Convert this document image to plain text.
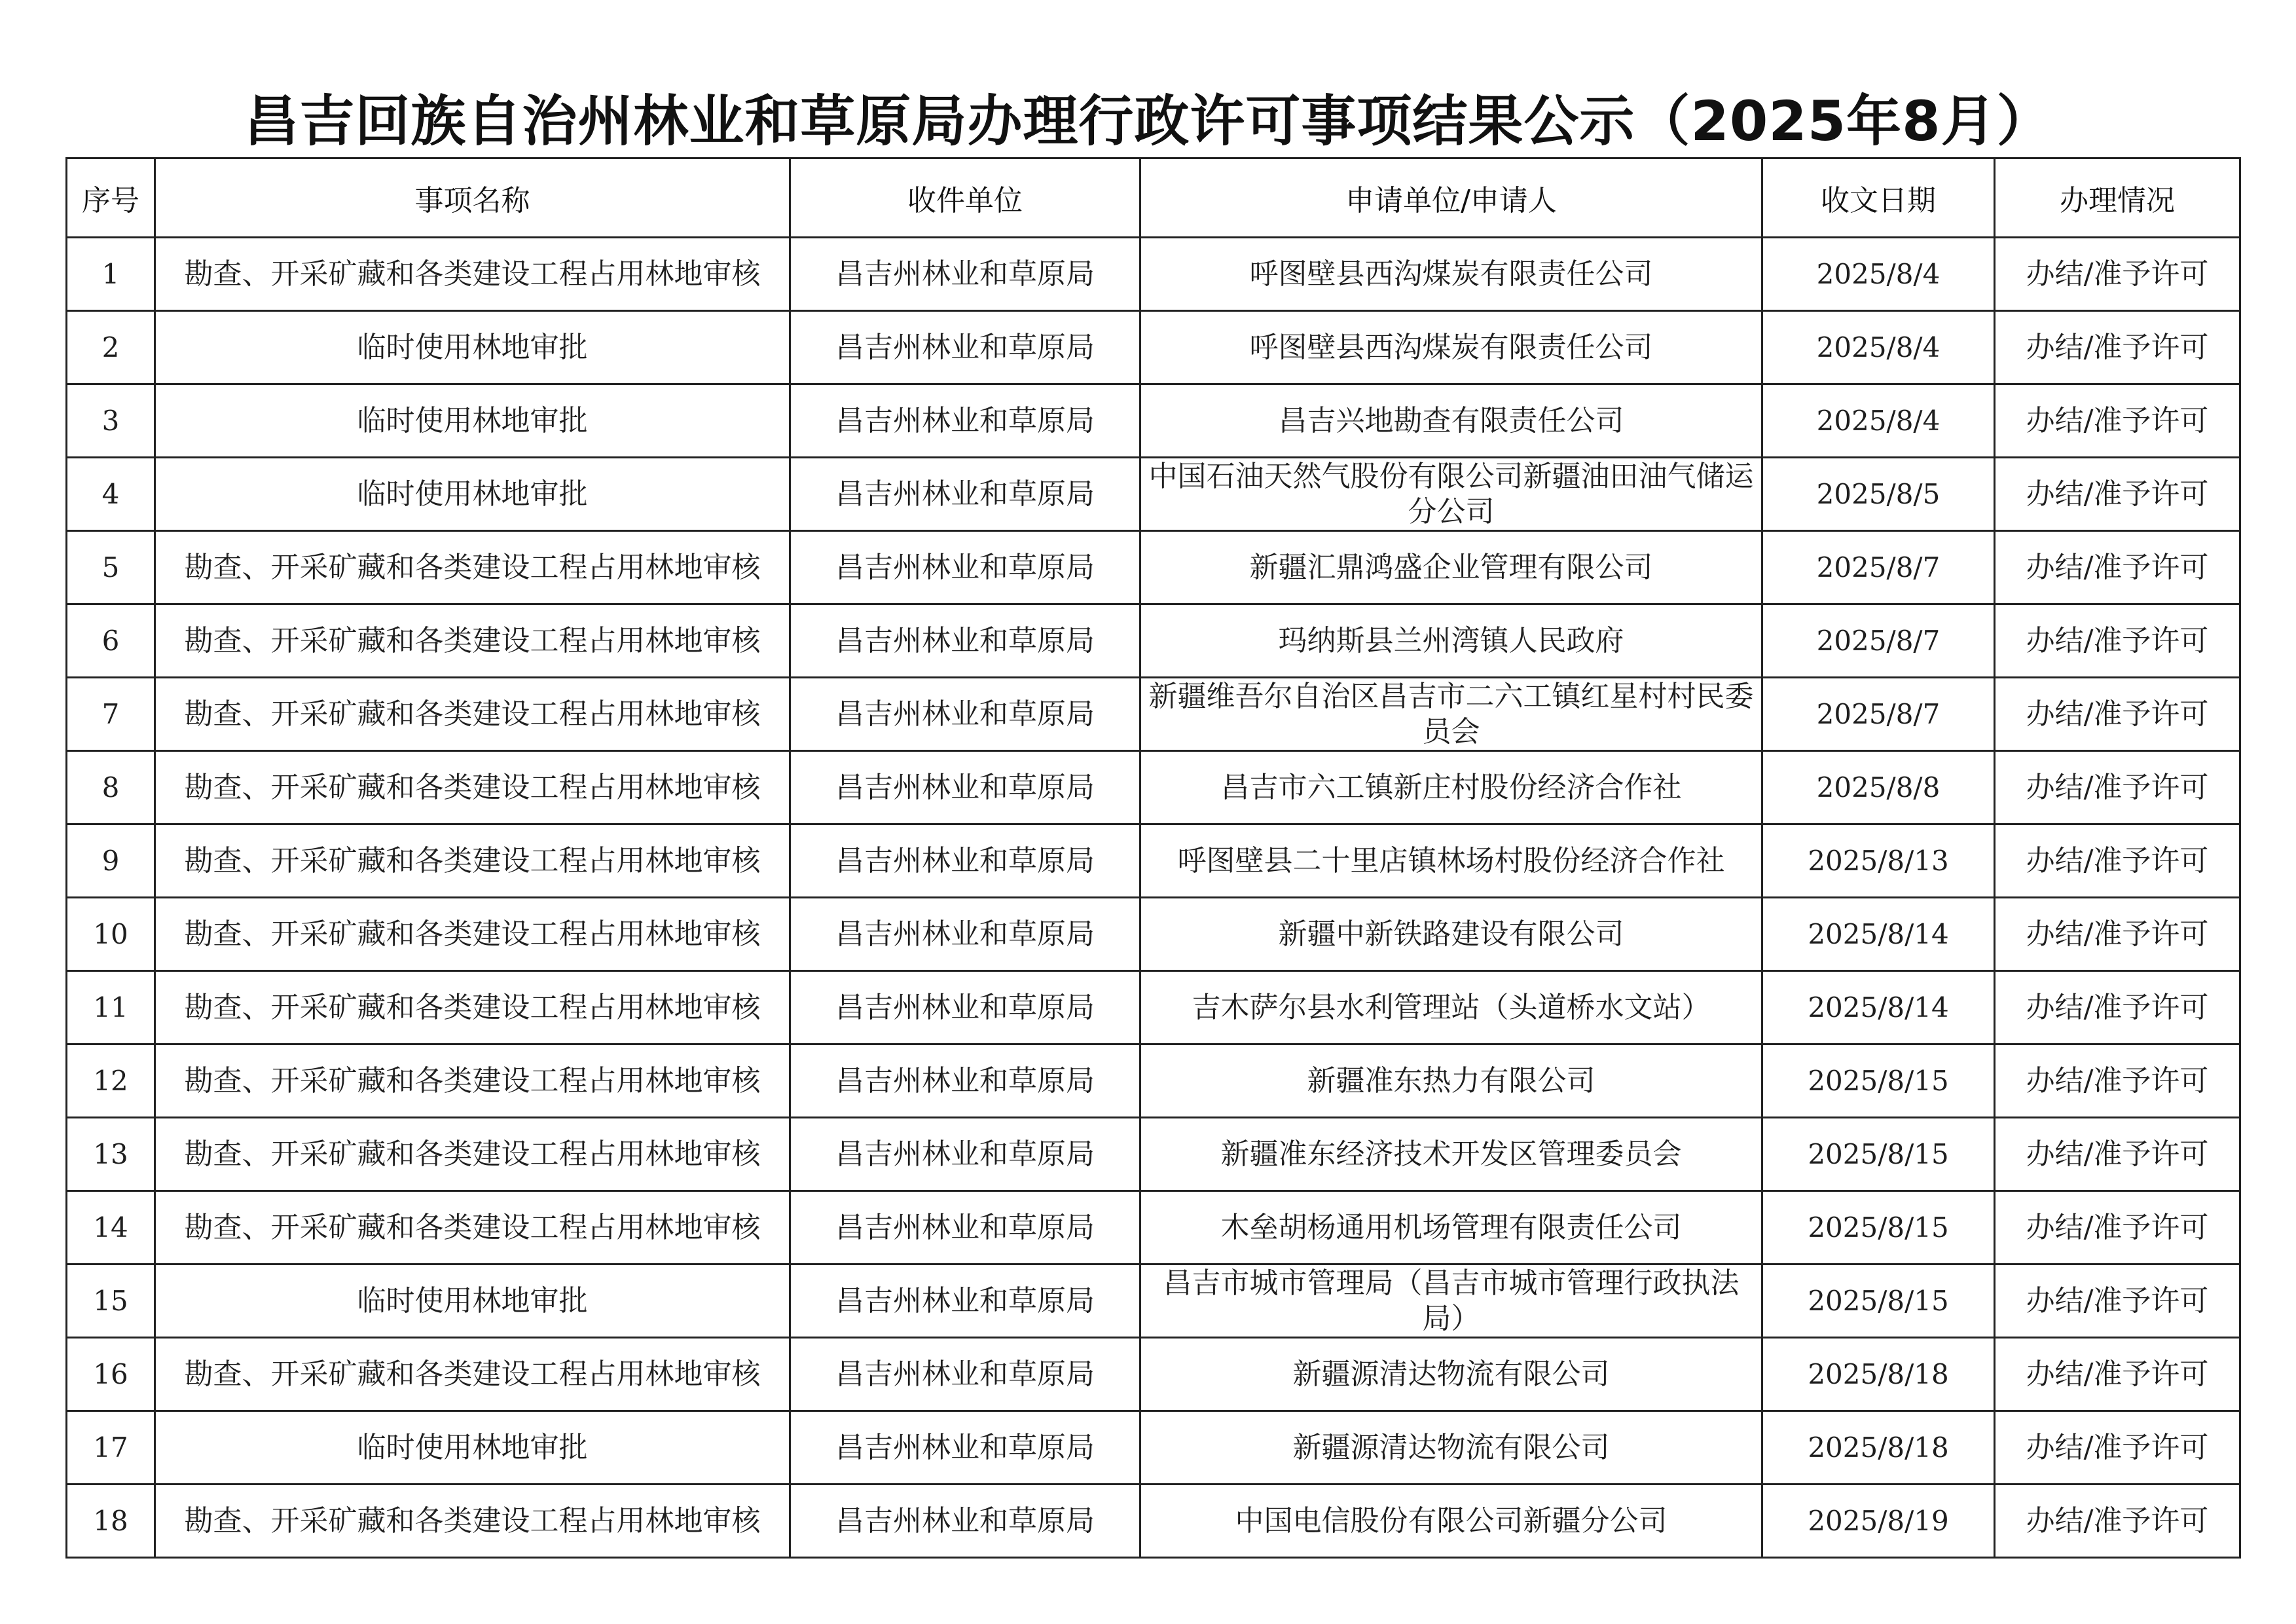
昌吉回族自治州林业和草原局办理行政许可事项结果公示（2025年8月）
序号	事项名称	收件单位	申请单位/申请人	收文日期	办理情况
1	勘查、开采矿藏和各类建设工程占用林地审核	昌吉州林业和草原局	呼图壁县西沟煤炭有限责任公司	2025/8/4	办结/准予许可
2	临时使用林地审批	昌吉州林业和草原局	呼图壁县西沟煤炭有限责任公司	2025/8/4	办结/准予许可
3	临时使用林地审批	昌吉州林业和草原局	昌吉兴地勘查有限责任公司	2025/8/4	办结/准予许可
4	临时使用林地审批	昌吉州林业和草原局	中国石油天然气股份有限公司新疆油田油气储运分公司	2025/8/5	办结/准予许可
5	勘查、开采矿藏和各类建设工程占用林地审核	昌吉州林业和草原局	新疆汇鼎鸿盛企业管理有限公司	2025/8/7	办结/准予许可
6	勘查、开采矿藏和各类建设工程占用林地审核	昌吉州林业和草原局	玛纳斯县兰州湾镇人民政府	2025/8/7	办结/准予许可
7	勘查、开采矿藏和各类建设工程占用林地审核	昌吉州林业和草原局	新疆维吾尔自治区昌吉市二六工镇红星村村民委员会	2025/8/7	办结/准予许可
8	勘查、开采矿藏和各类建设工程占用林地审核	昌吉州林业和草原局	昌吉市六工镇新庄村股份经济合作社	2025/8/8	办结/准予许可
9	勘查、开采矿藏和各类建设工程占用林地审核	昌吉州林业和草原局	呼图壁县二十里店镇林场村股份经济合作社	2025/8/13	办结/准予许可
10	勘查、开采矿藏和各类建设工程占用林地审核	昌吉州林业和草原局	新疆中新铁路建设有限公司	2025/8/14	办结/准予许可
11	勘查、开采矿藏和各类建设工程占用林地审核	昌吉州林业和草原局	吉木萨尔县水利管理站（头道桥水文站）	2025/8/14	办结/准予许可
12	勘查、开采矿藏和各类建设工程占用林地审核	昌吉州林业和草原局	新疆准东热力有限公司	2025/8/15	办结/准予许可
13	勘查、开采矿藏和各类建设工程占用林地审核	昌吉州林业和草原局	新疆准东经济技术开发区管理委员会	2025/8/15	办结/准予许可
14	勘查、开采矿藏和各类建设工程占用林地审核	昌吉州林业和草原局	木垒胡杨通用机场管理有限责任公司	2025/8/15	办结/准予许可
15	临时使用林地审批	昌吉州林业和草原局	昌吉市城市管理局（昌吉市城市管理行政执法局）	2025/8/15	办结/准予许可
16	勘查、开采矿藏和各类建设工程占用林地审核	昌吉州林业和草原局	新疆源清达物流有限公司	2025/8/18	办结/准予许可
17	临时使用林地审批	昌吉州林业和草原局	新疆源清达物流有限公司	2025/8/18	办结/准予许可
18	勘查、开采矿藏和各类建设工程占用林地审核	昌吉州林业和草原局	中国电信股份有限公司新疆分公司	2025/8/19	办结/准予许可
